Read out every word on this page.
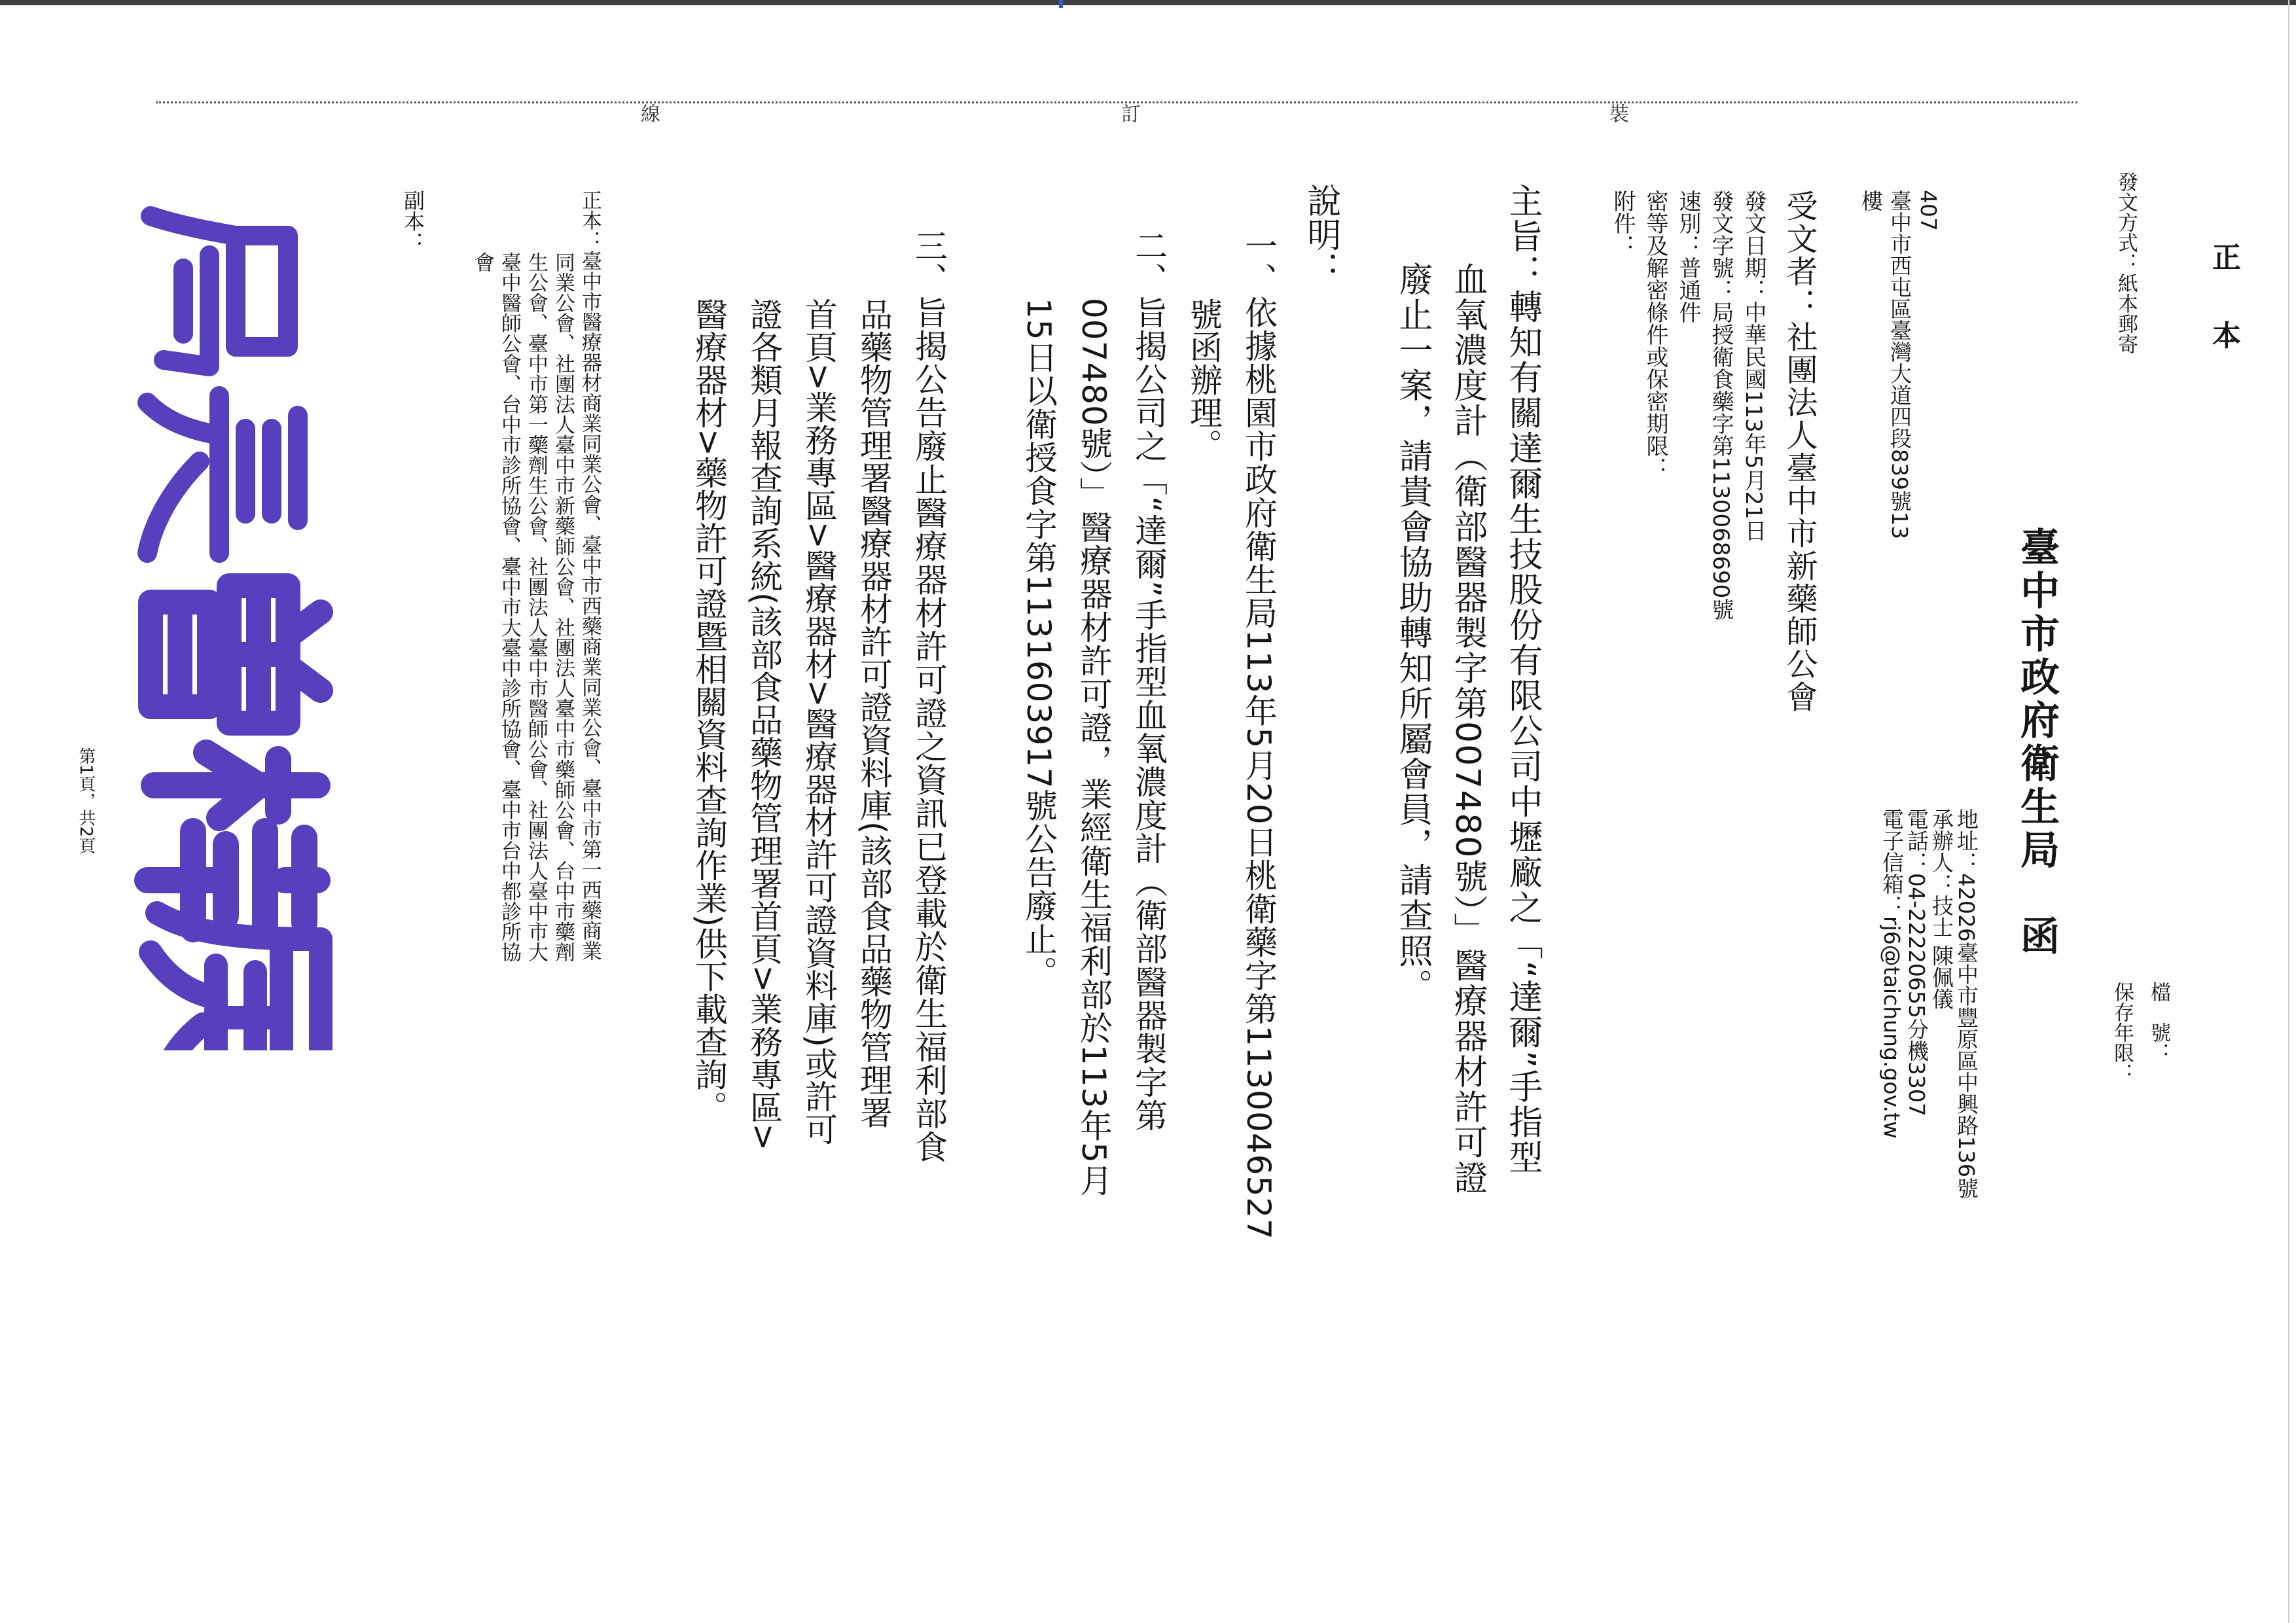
正 本
發文方式：紙本郵寄
檔　號：
保存年限：
臺中市政府衛生局　函
地址：42026臺中市豐原區中興路136號
承辦人：技士 陳佩儀
電話：04-22220655分機3307
電子信箱：rj6@taichung.gov.tw
407
臺中市西屯區臺灣大道四段839號13
樓
受文者：社團法人臺中市新藥師公會
發文日期：中華民國113年5月21日
發文字號：局授衛食藥字第1130068690號
速別：普通件
密等及解密條件或保密期限：
附件：
主旨：轉知有關達爾生技股份有限公司中壢廠之「“達爾”手指型
血氧濃度計（衛部醫器製字第007480號）」醫療器材許可證
廢止一案，請貴會協助轉知所屬會員，請查照。
說明：
一、依據桃園市政府衛生局113年5月20日桃衛藥字第1130046527
號函辦理。
二、旨揭公司之「“達爾”手指型血氧濃度計（衛部醫器製字第
007480號）」醫療器材許可證，業經衛生福利部於113年5月
15日以衛授食字第1131603917號公告廢止。
三、旨揭公告廢止醫療器材許可證之資訊已登載於衛生福利部食
品藥物管理署醫療器材許可證資料庫(該部食品藥物管理署
首頁>業務專區>醫療器材>醫療器材許可證資料庫)或許可
證各類月報查詢系統(該部食品藥物管理署首頁>業務專區>
醫療器材>藥物許可證暨相關資料查詢作業)供下載查詢。
裝
訂
線
正本：臺中市醫療器材商業同業公會、臺中市西藥商業同業公會、臺中市第一西藥商業
同業公會、社團法人臺中市新藥師公會、社團法人臺中市藥師公會、台中市藥劑
生公會、臺中市第一藥劑生公會、社團法人臺中市醫師公會、社團法人臺中市大
臺中醫師公會、台中市診所協會、臺中市大臺中診所協會、臺中市台中都診所協
會
副本：
第1頁，共2頁
